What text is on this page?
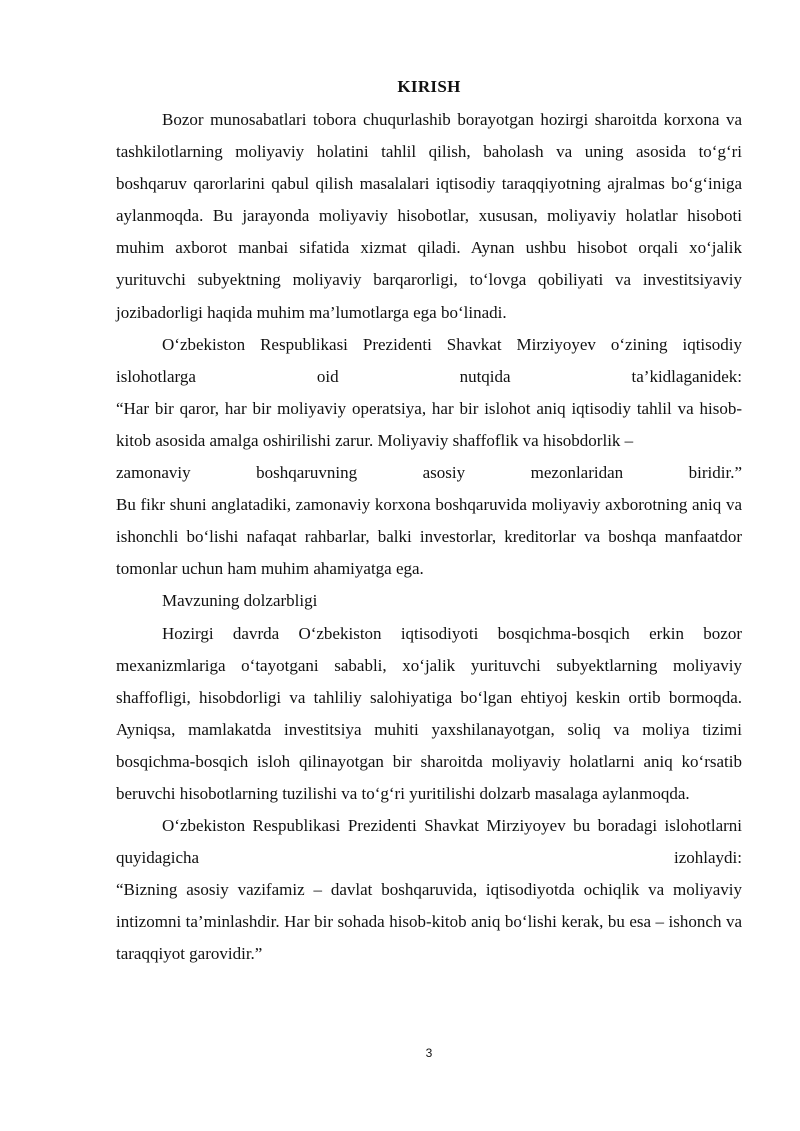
KIRISH

Bozor munosabatlari tobora chuqurlashib borayotgan hozirgi sharoitda korxona va tashkilotlarning moliyaviy holatini tahlil qilish, baholash va uning asosida to‘g‘ri boshqaruv qarorlarini qabul qilish masalalari iqtisodiy taraqqiyotning ajralmas bo‘g‘iniga aylanmoqda. Bu jarayonda moliyaviy hisobotlar, xususan, moliyaviy holatlar hisoboti muhim axborot manbai sifatida xizmat qiladi. Aynan ushbu hisobot orqali xo‘jalik yurituvchi subyektning moliyaviy barqarorligi, to‘lovga qobiliyati va investitsiyaviy jozibadorligi haqida muhim ma’lumotlarga ega bo‘linadi.

O‘zbekiston Respublikasi Prezidenti Shavkat Mirziyoyev o‘zining iqtisodiy islohotlarga oid nutqida ta’kidlaganidek:

“Har bir qaror, har bir moliyaviy operatsiya, har bir islohot aniq iqtisodiy tahlil va hisob-kitob asosida amalga oshirilishi zarur. Moliyaviy shaffoflik va hisobdorlik –

zamonaviy boshqaruvning asosiy mezonlaridan biridir.”

Bu fikr shuni anglatadiki, zamonaviy korxona boshqaruvida moliyaviy axborotning aniq va ishonchli bo‘lishi nafaqat rahbarlar, balki investorlar, kreditorlar va boshqa manfaatdor tomonlar uchun ham muhim ahamiyatga ega.

Mavzuning dolzarbligi

Hozirgi davrda O‘zbekiston iqtisodiyoti bosqichma-bosqich erkin bozor mexanizmlariga o‘tayotgani sababli, xo‘jalik yurituvchi subyektlarning moliyaviy shaffofligi, hisobdorligi va tahliliy salohiyatiga bo‘lgan ehtiyoj keskin ortib bormoqda. Ayniqsa, mamlakatda investitsiya muhiti yaxshilanayotgan, soliq va moliya tizimi bosqichma-bosqich isloh qilinayotgan bir sharoitda moliyaviy holatlarni aniq ko‘rsatib beruvchi hisobotlarning tuzilishi va to‘g‘ri yuritilishi dolzarb masalaga aylanmoqda.

O‘zbekiston Respublikasi Prezidenti Shavkat Mirziyoyev bu boradagi islohotlarni quyidagicha izohlaydi:

“Bizning asosiy vazifamiz – davlat boshqaruvida, iqtisodiyotda ochiqlik va moliyaviy intizomni ta’minlashdir. Har bir sohada hisob-kitob aniq bo‘lishi kerak, bu esa – ishonch va taraqqiyot garovidir.”

3
